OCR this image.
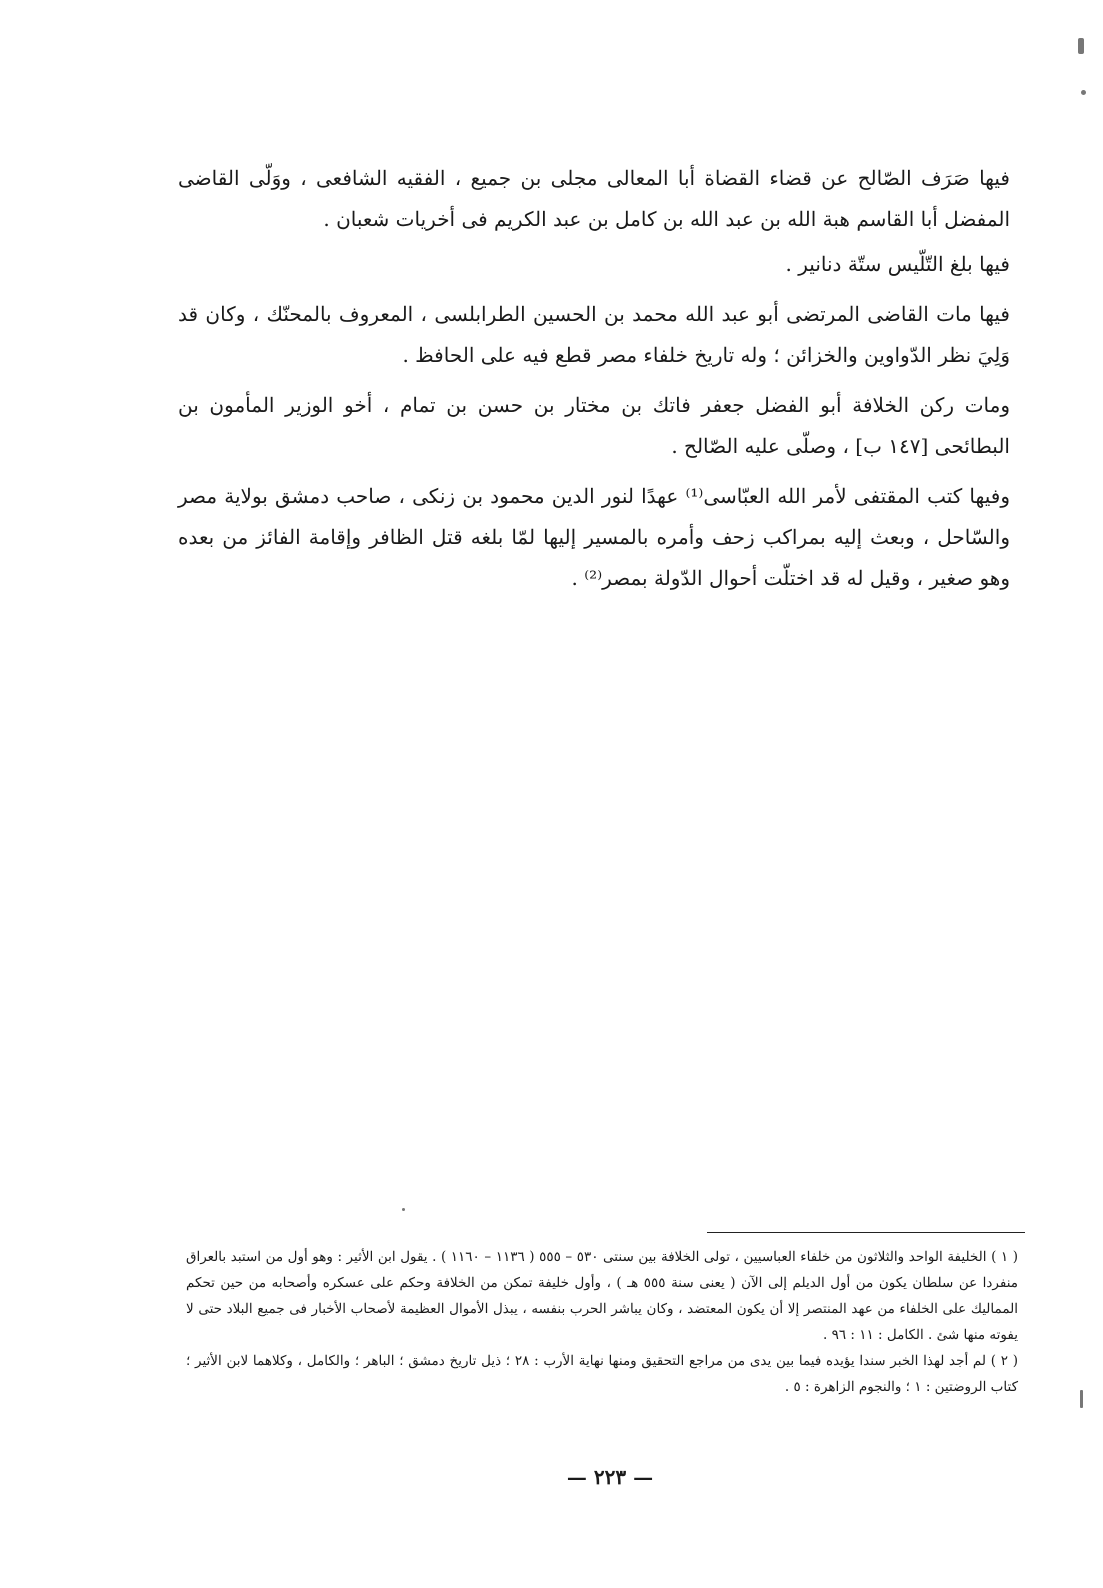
فيها صَرَف الصّالح عن قضاء القضاة أبا المعالى مجلى بن جميع ، الفقيه الشافعى ، ووَلّى القاضى المفضل أبا القاسم هبة الله بن عبد الله بن كامل بن عبد الكريم فى أخريات شعبان .

فيها بلغ التّلّيس ستّة دنانير .

فيها مات القاضى المرتضى أبو عبد الله محمد بن الحسين الطرابلسى ، المعروف بالمحنّك ، وكان قد وَلِيَ نظر الدّواوين والخزائن ؛ وله تاريخ خلفاء مصر قطع فيه على الحافظ .

ومات ركن الخلافة أبو الفضل جعفر فاتك بن مختار بن حسن بن تمام ، أخو الوزير المأمون بن البطائحى [١٤٧ ب] ، وصلّى عليه الصّالح .

وفيها كتب المقتفى لأمر الله العبّاسى⁽¹⁾ عهدًا لنور الدين محمود بن زنكى ، صاحب دمشق بولاية مصر والسّاحل ، وبعث إليه بمراكب زحف وأمره بالمسير إليها لمّا بلغه قتل الظافر وإقامة الفائز من بعده وهو صغير ، وقيل له قد اختلّت أحوال الدّولة بمصر⁽²⁾ .

( ١ ) الخليفة الواحد والثلاثون من خلفاء العباسيين ، تولى الخلافة بين سنتى ٥٣٠ – ٥٥٥ ( ١١٣٦ – ١١٦٠ ) . يقول ابن الأثير : وهو أول من استبد بالعراق منفردا عن سلطان يكون من أول الديلم إلى الآن ( يعنى سنة ٥٥٥ هـ ) ، وأول خليفة تمكن من الخلافة وحكم على عسكره وأصحابه من حين تحكم المماليك على الخلفاء من عهد المنتصر إلا أن يكون المعتضد ، وكان يباشر الحرب بنفسه ، يبذل الأموال العظيمة لأصحاب الأخبار فى جميع البلاد حتى لا يفوته منها شئ . الكامل : ١١ : ٩٦ .

( ٢ ) لم أجد لهذا الخبر سندا يؤيده فيما بين يدى من مراجع التحقيق ومنها نهاية الأرب : ٢٨ ؛ ذيل تاريخ دمشق ؛ الباهر ؛ والكامل ، وكلاهما لابن الأثير ؛ كتاب الروضتين : ١ ؛ والنجوم الزاهرة : ٥ .

— ٢٢٣ —
